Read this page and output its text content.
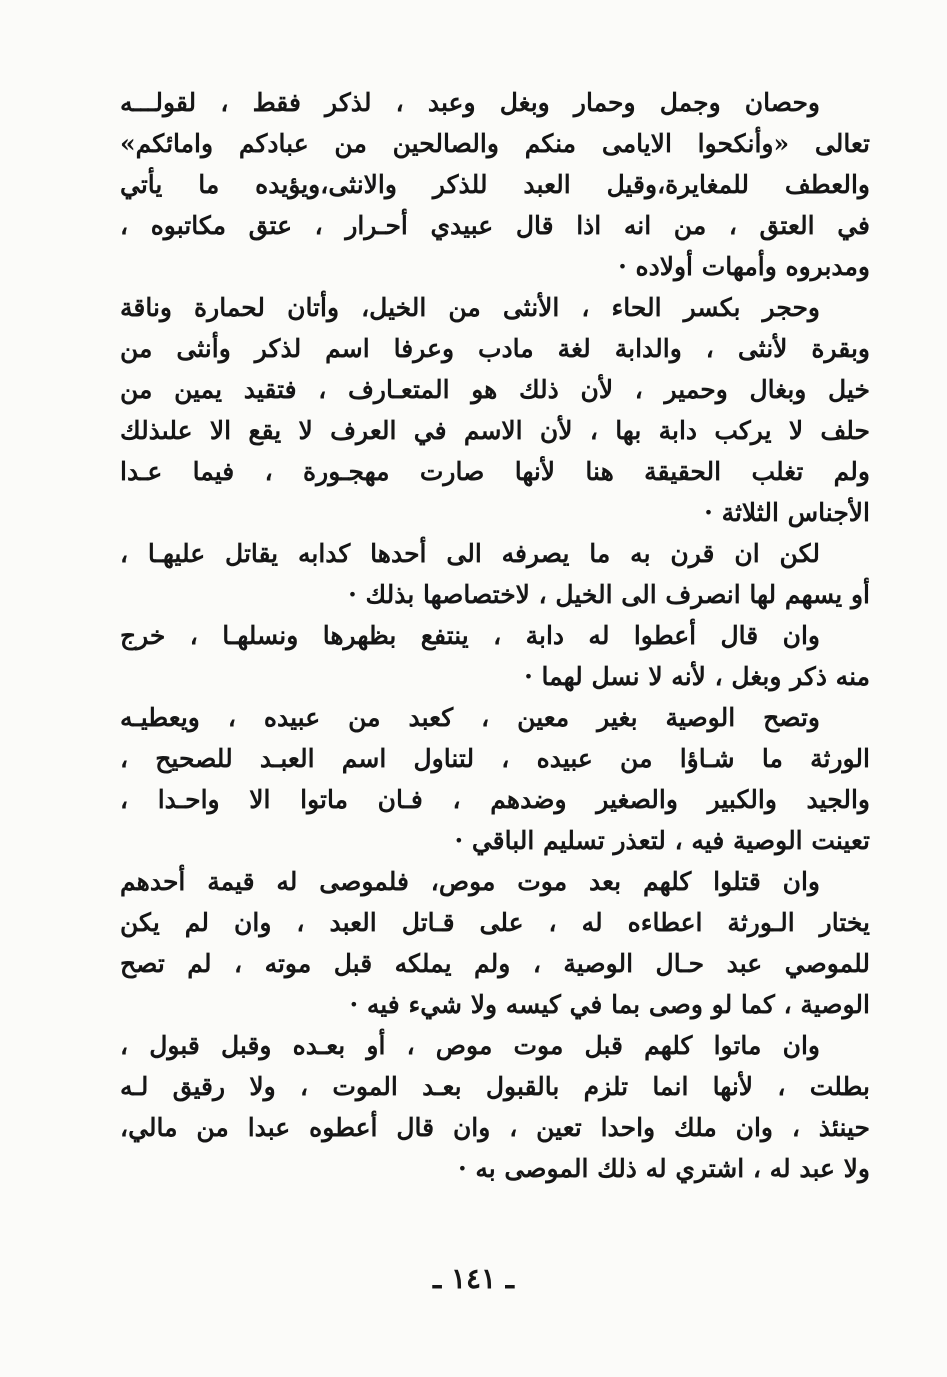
وحصان وجمل وحمار وبغل وعبد ، لذكر فقط ، لقولـــه
تعالى «وأنكحوا الايامى منكم والصالحين من عبادكم وامائكم»
والعطف للمغايرة،وقيل العبد للذكر والانثى،ويؤيده ما يأتي
في العتق ، من انه اذا قال عبيدي أحـرار ، عتق مكاتبوه ،
ومدبروه وأمهات أولاده ·
وحجر بكسر الحاء ، الأنثى من الخيل، وأتان لحمارة وناقة
وبقرة لأنثى ، والدابة لغة مادب وعرفا اسم لذكر وأنثى من
خيل وبغال وحمير ، لأن ذلك هو المتعـارف ، فتقيد يمين من
حلف لا يركب دابة بها ، لأن الاسم في العرف لا يقع الا علىذلك
ولم تغلب الحقيقة هنا لأنها صارت مهجـورة ، فيما عـدا
الأجناس الثلاثة ·
لكن ان قرن به ما يصرفه الى أحدها كدابه يقاتل عليهـا ،
أو يسهم لها انصرف الى الخيل ، لاختصاصها بذلك ·
وان قال أعطوا له دابة ، ينتفع بظهرها ونسلهـا ، خرج
منه ذكر وبغل ، لأنه لا نسل لهما ·
وتصح الوصية بغير معين ، كعبد من عبيده ، ويعطيـه
الورثة ما شـاؤا من عبيده ، لتناول اسم العبـد للصحيح ،
والجيد والكبير والصغير وضدهم ، فـان ماتوا الا واحـدا ،
تعينت الوصية فيه ، لتعذر تسليم الباقي ·
وان قتلوا كلهم بعد موت موص، فلموصى له قيمة أحدهم
يختار الـورثة اعطاءه له ، على قـاتل العبد ، وان لم يكن
للموصي عبد حـال الوصية ، ولم يملكه قبل موته ، لم تصح
الوصية ، كما لو وصى بما في كيسه ولا شيء فيه ·
وان ماتوا كلهم قبل موت موص ، أو بعـده وقبل قبول ،
بطلت ، لأنها انما تلزم بالقبول بعـد الموت ، ولا رقيق لـه
حينئذ ، وان ملك واحدا تعين ، وان قال أعطوه عبدا من مالي،
ولا عبد له ، اشتري له ذلك الموصى به ·
ـ ١٤١ ـ
